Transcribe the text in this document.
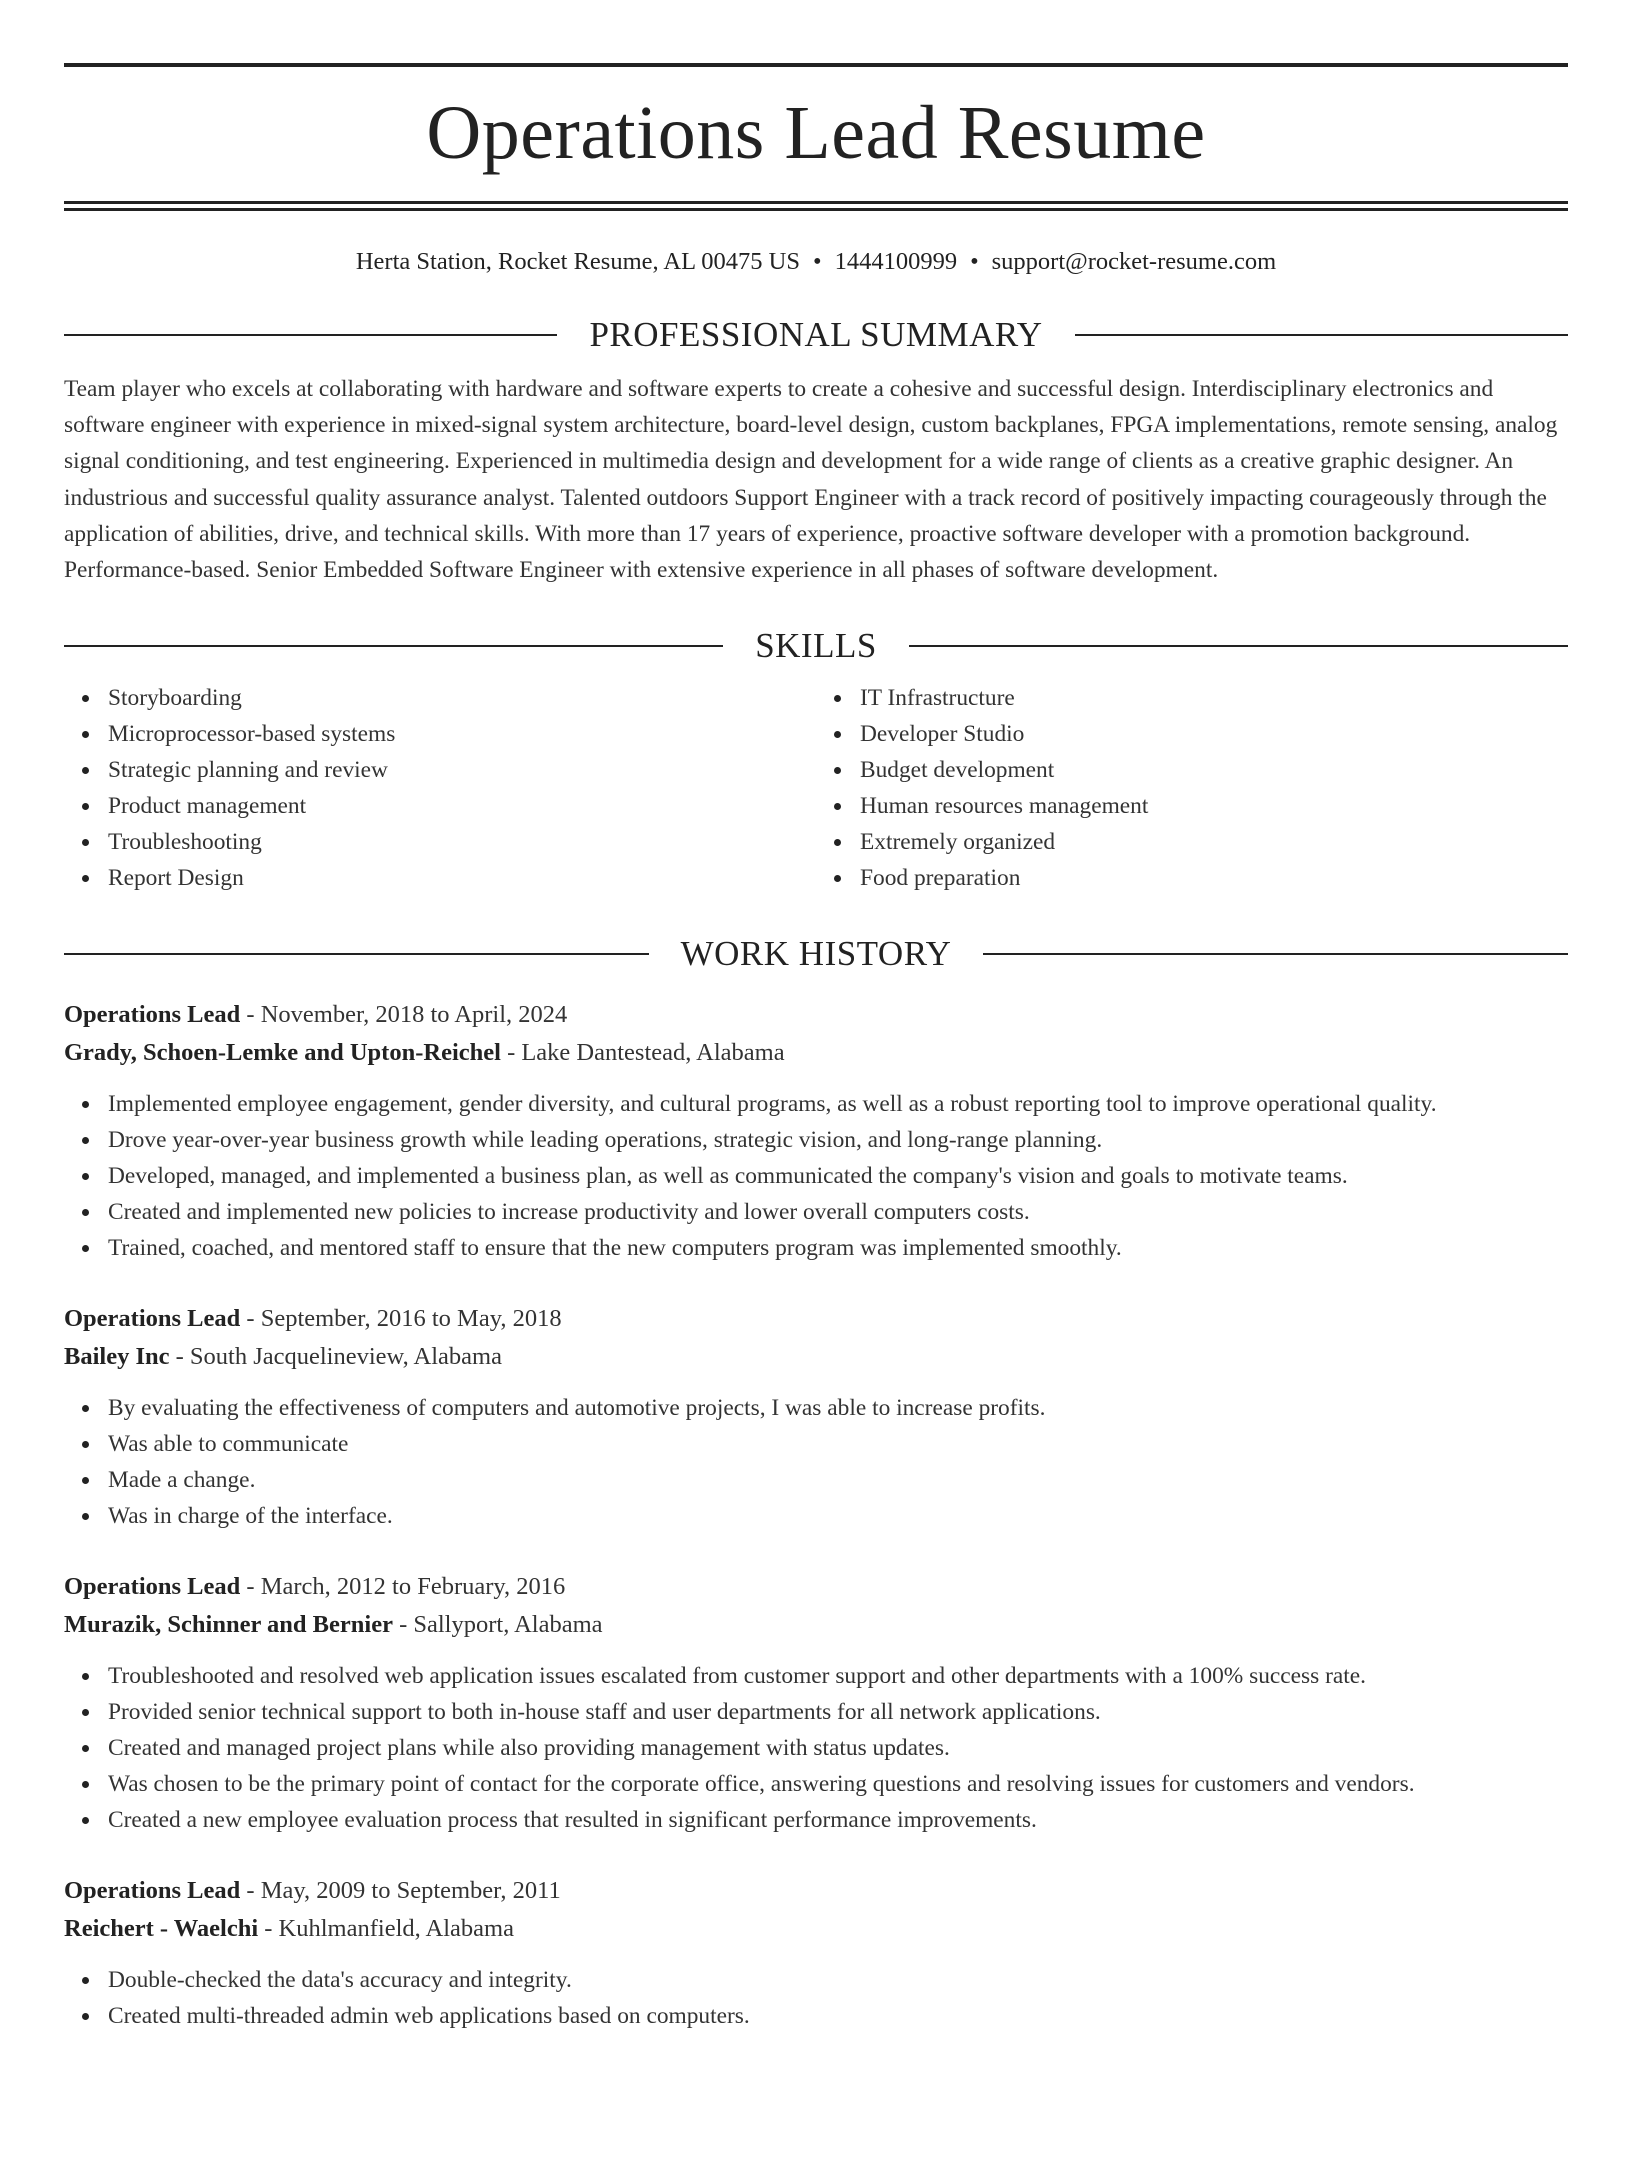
Operations Lead Resume
Herta Station, Rocket Resume, AL 00475 US • 1444100999 • support@rocket-resume.com
PROFESSIONAL SUMMARY
Team player who excels at collaborating with hardware and software experts to create a cohesive and successful design. Interdisciplinary electronics and software engineer with experience in mixed-signal system architecture, board-level design, custom backplanes, FPGA implementations, remote sensing, analog signal conditioning, and test engineering. Experienced in multimedia design and development for a wide range of clients as a creative graphic designer. An industrious and successful quality assurance analyst. Talented outdoors Support Engineer with a track record of positively impacting courageously through the application of abilities, drive, and technical skills. With more than 17 years of experience, proactive software developer with a promotion background. Performance-based. Senior Embedded Software Engineer with extensive experience in all phases of software development.
SKILLS
Storyboarding
Microprocessor-based systems
Strategic planning and review
Product management
Troubleshooting
Report Design
IT Infrastructure
Developer Studio
Budget development
Human resources management
Extremely organized
Food preparation
WORK HISTORY
Operations Lead - November, 2018 to April, 2024
Grady, Schoen-Lemke and Upton-Reichel - Lake Dantestead, Alabama
Implemented employee engagement, gender diversity, and cultural programs, as well as a robust reporting tool to improve operational quality.
Drove year-over-year business growth while leading operations, strategic vision, and long-range planning.
Developed, managed, and implemented a business plan, as well as communicated the company's vision and goals to motivate teams.
Created and implemented new policies to increase productivity and lower overall computers costs.
Trained, coached, and mentored staff to ensure that the new computers program was implemented smoothly.
Operations Lead - September, 2016 to May, 2018
Bailey Inc - South Jacquelineview, Alabama
By evaluating the effectiveness of computers and automotive projects, I was able to increase profits.
Was able to communicate
Made a change.
Was in charge of the interface.
Operations Lead - March, 2012 to February, 2016
Murazik, Schinner and Bernier - Sallyport, Alabama
Troubleshooted and resolved web application issues escalated from customer support and other departments with a 100% success rate.
Provided senior technical support to both in-house staff and user departments for all network applications.
Created and managed project plans while also providing management with status updates.
Was chosen to be the primary point of contact for the corporate office, answering questions and resolving issues for customers and vendors.
Created a new employee evaluation process that resulted in significant performance improvements.
Operations Lead - May, 2009 to September, 2011
Reichert - Waelchi - Kuhlmanfield, Alabama
Double-checked the data's accuracy and integrity.
Created multi-threaded admin web applications based on computers.
